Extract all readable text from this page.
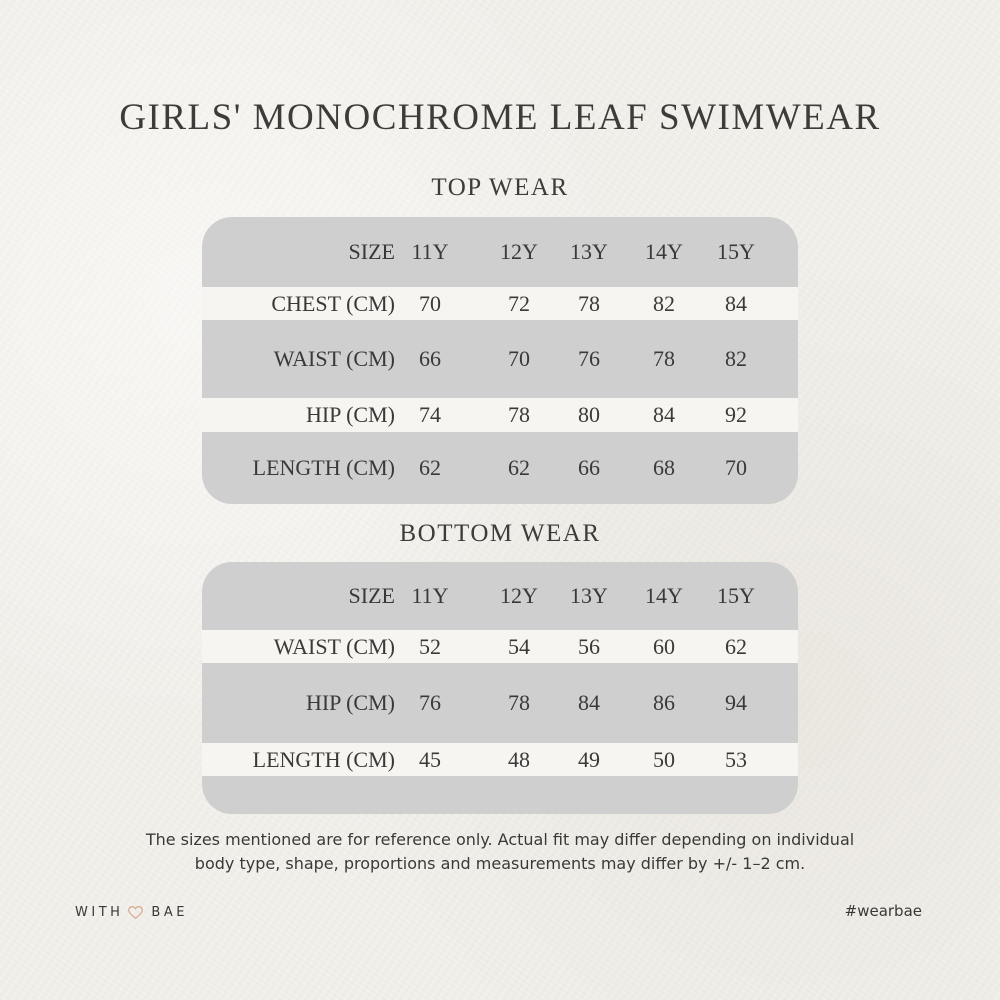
GIRLS' MONOCHROME LEAF SWIMWEAR
TOP WEAR
SIZE 11Y 12Y 13Y 14Y 15Y
CHEST (CM)	70	72	78	82	84
WAIST (CM)	66	70	76	78	82
HIP (CM)	74	78	80	84	92
LENGTH (CM)	62	62	66	68	70
BOTTOM WEAR
SIZE 11Y 12Y 13Y 14Y 15Y
WAIST (CM)	52	54	56	60	62
HIP (CM)	76	78	84	86	94
LENGTH (CM)	45	48	49	50	53
The sizes mentioned are for reference only. Actual fit may differ depending on individual
body type, shape, proportions and measurements may differ by +/- 1–2 cm.
WITH BAE	#wearbae
